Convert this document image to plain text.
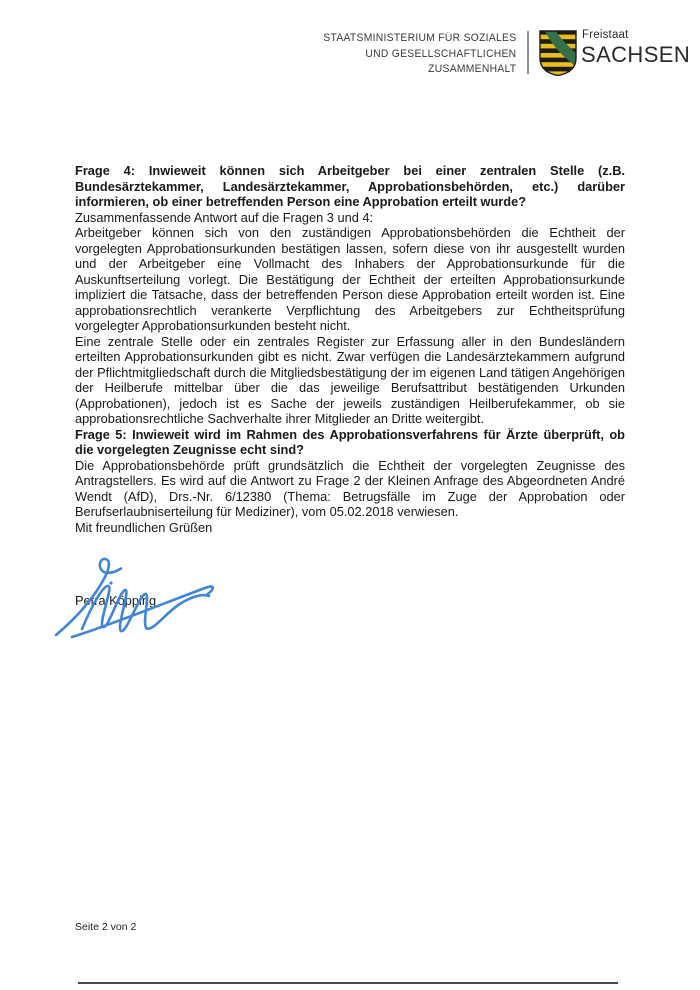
STAATSMINISTERIUM FÜR SOZIALES
UND GESELLSCHAFTLICHEN
ZUSAMMENHALT
Freistaat
SACHSEN

Frage 4: Inwieweit können sich Arbeitgeber bei einer zentralen Stelle (z.B. Bundesärztekammer, Landesärztekammer, Approbationsbehörden, etc.) darüber informieren, ob einer betreffenden Person eine Approbation erteilt wurde?

Zusammenfassende Antwort auf die Fragen 3 und 4:

Arbeitgeber können sich von den zuständigen Approbationsbehörden die Echtheit der vorgelegten Approbationsurkunden bestätigen lassen, sofern diese von ihr ausgestellt wurden und der Arbeitgeber eine Vollmacht des Inhabers der Approbationsurkunde für die Auskunftserteilung vorlegt. Die Bestätigung der Echtheit der erteilten Approbationsurkunde impliziert die Tatsache, dass der betreffenden Person diese Approbation erteilt worden ist. Eine approbationsrechtlich verankerte Verpflichtung des Arbeitgebers zur Echtheitsprüfung vorgelegter Approbationsurkunden besteht nicht.

Eine zentrale Stelle oder ein zentrales Register zur Erfassung aller in den Bundesländern erteilten Approbationsurkunden gibt es nicht. Zwar verfügen die Landesärztekammern aufgrund der Pflichtmitgliedschaft durch die Mitgliedsbestätigung der im eigenen Land tätigen Angehörigen der Heilberufe mittelbar über die das jeweilige Berufsattribut bestätigenden Urkunden (Approbationen), jedoch ist es Sache der jeweils zuständigen Heilberufekammer, ob sie approbationsrechtliche Sachverhalte ihrer Mitglieder an Dritte weitergibt.

Frage 5: Inwieweit wird im Rahmen des Approbationsverfahrens für Ärzte überprüft, ob die vorgelegten Zeugnisse echt sind?

Die Approbationsbehörde prüft grundsätzlich die Echtheit der vorgelegten Zeugnisse des Antragstellers. Es wird auf die Antwort zu Frage 2 der Kleinen Anfrage des Abgeordneten André Wendt (AfD), Drs.-Nr. 6/12380 (Thema: Betrugsfälle im Zuge der Approbation oder Berufserlaubniserteilung für Mediziner), vom 05.02.2018 verwiesen.

Mit freundlichen Grüßen

Petra Köpping
Seite 2 von 2
